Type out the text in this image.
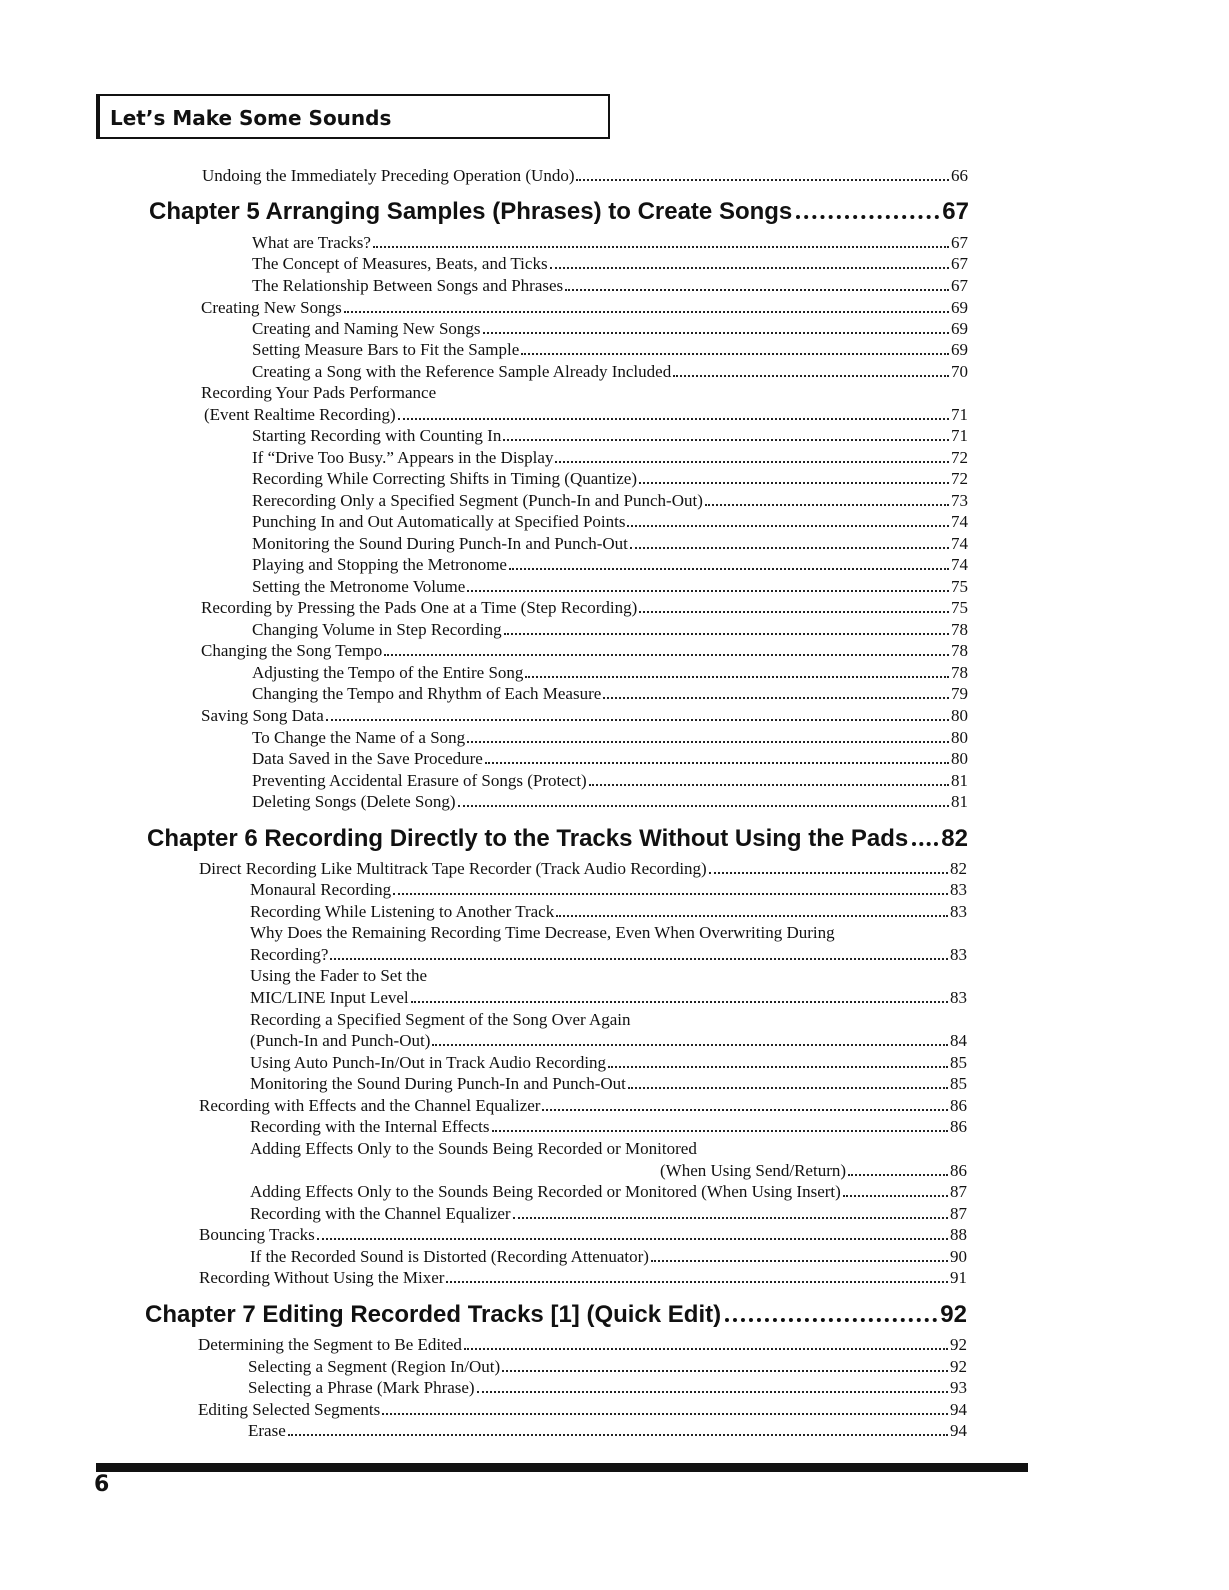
Let’s Make Some Sounds
Undoing the Immediately Preceding Operation (Undo)	66
Chapter 5 Arranging Samples (Phrases) to Create Songs	67
What are Tracks?	67
The Concept of Measures, Beats, and Ticks	67
The Relationship Between Songs and Phrases	67
Creating New Songs	69
Creating and Naming New Songs	69
Setting Measure Bars to Fit the Sample	69
Creating a Song with the Reference Sample Already Included	70
Recording Your Pads Performance
(Event Realtime Recording)	71
Starting Recording with Counting In	71
If “Drive Too Busy.” Appears in the Display	72
Recording While Correcting Shifts in Timing (Quantize)	72
Rerecording Only a Specified Segment (Punch-In and Punch-Out)	73
Punching In and Out Automatically at Specified Points	74
Monitoring the Sound During Punch-In and Punch-Out	74
Playing and Stopping the Metronome	74
Setting the Metronome Volume	75
Recording by Pressing the Pads One at a Time (Step Recording)	75
Changing Volume in Step Recording	78
Changing the Song Tempo	78
Adjusting the Tempo of the Entire Song	78
Changing the Tempo and Rhythm of Each Measure	79
Saving Song Data	80
To Change the Name of a Song	80
Data Saved in the Save Procedure	80
Preventing Accidental Erasure of Songs (Protect)	81
Deleting Songs (Delete Song)	81
Chapter 6 Recording Directly to the Tracks Without Using the Pads 82
Direct Recording Like Multitrack Tape Recorder (Track Audio Recording)	82
Monaural Recording	83
Recording While Listening to Another Track	83
Why Does the Remaining Recording Time Decrease, Even When Overwriting During
Recording?	83
Using the Fader to Set the
MIC/LINE Input Level	83
Recording a Specified Segment of the Song Over Again
(Punch-In and Punch-Out)	84
Using Auto Punch-In/Out in Track Audio Recording	85
Monitoring the Sound During Punch-In and Punch-Out	85
Recording with Effects and the Channel Equalizer	86
Recording with the Internal Effects	86
Adding Effects Only to the Sounds Being Recorded or Monitored
(When Using Send/Return)	86
Adding Effects Only to the Sounds Being Recorded or Monitored (When Using Insert)	87
Recording with the Channel Equalizer	87
Bouncing Tracks	88
If the Recorded Sound is Distorted (Recording Attenuator)	90
Recording Without Using the Mixer	91
Chapter 7 Editing Recorded Tracks [1] (Quick Edit)	92
Determining the Segment to Be Edited	92
Selecting a Segment (Region In/Out)	92
Selecting a Phrase (Mark Phrase)	93
Editing Selected Segments	94
Erase	94
6
